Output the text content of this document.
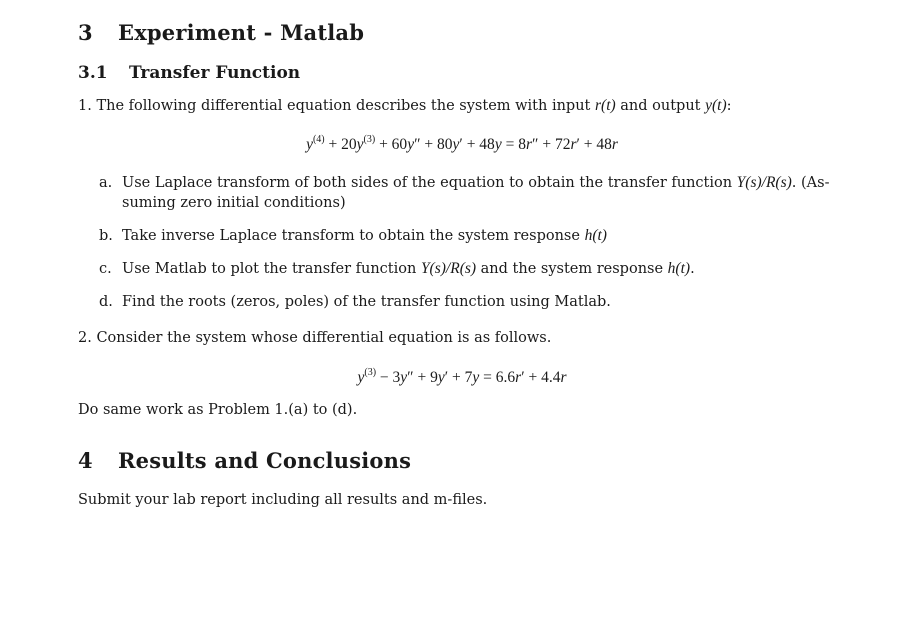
3 Experiment - Matlab
3.1 Transfer Function
1. The following differential equation describes the system with input r(t) and output y(t):
$y^{(4)} + 20y^{(3)} + 60y'' + 80y' + 48y = 8r'' + 72r' + 48r$
a. Use Laplace transform of both sides of the equation to obtain the transfer function Y(s)/R(s). (As-
suming zero initial conditions)
b. Take inverse Laplace transform to obtain the system response h(t)
c. Use Matlab to plot the transfer function Y(s)/R(s) and the system response h(t).
d. Find the roots (zeros, poles) of the transfer function using Matlab.
2. Consider the system whose differential equation is as follows.
$y^{(3)} - 3y'' + 9y' + 7y = 6.6r' + 4.4r$
Do same work as Problem 1.(a) to (d).
4 Results and Conclusions
Submit your lab report including all results and m-files.
